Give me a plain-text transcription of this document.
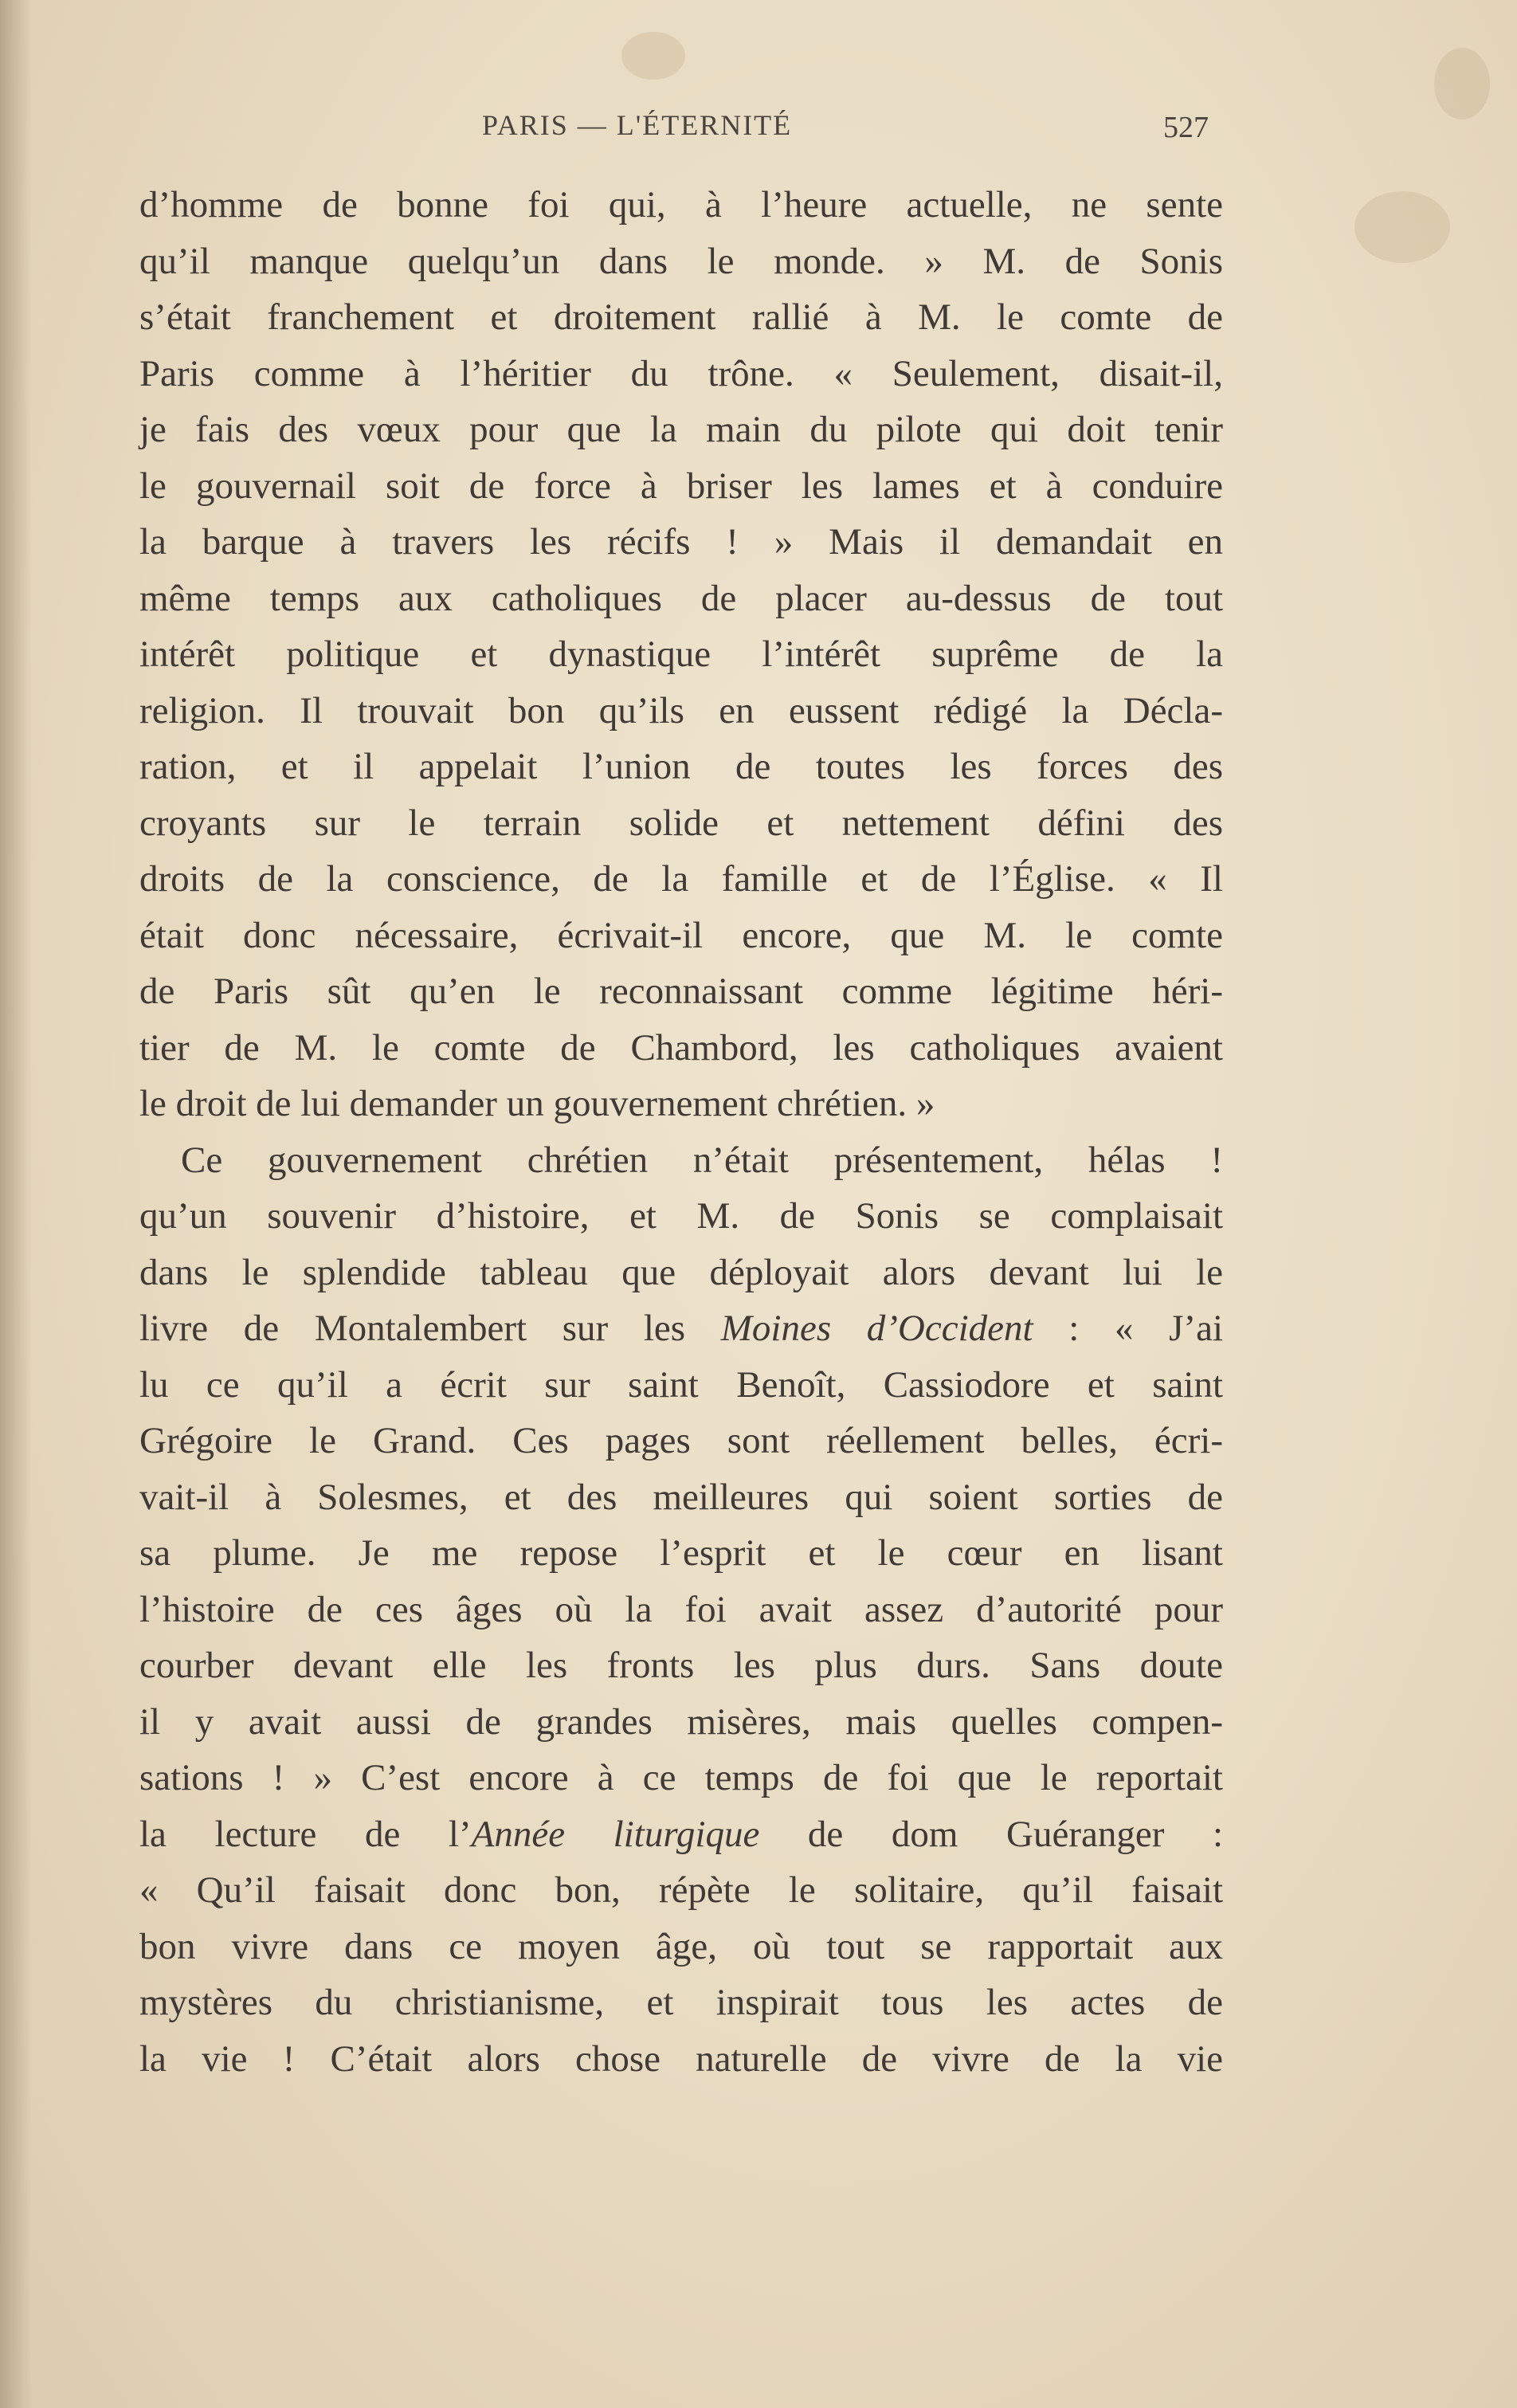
PARIS — L'ÉTERNITÉ	527
d’homme de bonne foi qui, à l’heure actuelle, ne sente
qu’il manque quelqu’un dans le monde. » M. de Sonis
s’était franchement et droitement rallié à M. le comte de
Paris comme à l’héritier du trône. « Seulement, disait-il,
je fais des vœux pour que la main du pilote qui doit tenir
le gouvernail soit de force à briser les lames et à conduire
la barque à travers les récifs ! » Mais il demandait en
même temps aux catholiques de placer au-dessus de tout
intérêt politique et dynastique l’intérêt suprême de la
religion. Il trouvait bon qu’ils en eussent rédigé la Décla-
ration, et il appelait l’union de toutes les forces des
croyants sur le terrain solide et nettement défini des
droits de la conscience, de la famille et de l’Église. « Il
était donc nécessaire, écrivait-il encore, que M. le comte
de Paris sût qu’en le reconnaissant comme légitime héri-
tier de M. le comte de Chambord, les catholiques avaient
le droit de lui demander un gouvernement chrétien. »
Ce gouvernement chrétien n’était présentement, hélas !
qu’un souvenir d’histoire, et M. de Sonis se complaisait
dans le splendide tableau que déployait alors devant lui le
livre de Montalembert sur les Moines d’Occident : « J’ai
lu ce qu’il a écrit sur saint Benoît, Cassiodore et saint
Grégoire le Grand. Ces pages sont réellement belles, écri-
vait-il à Solesmes, et des meilleures qui soient sorties de
sa plume. Je me repose l’esprit et le cœur en lisant
l’histoire de ces âges où la foi avait assez d’autorité pour
courber devant elle les fronts les plus durs. Sans doute
il y avait aussi de grandes misères, mais quelles compen-
sations ! » C’est encore à ce temps de foi que le reportait
la lecture de l’Année liturgique de dom Guéranger :
« Qu’il faisait donc bon, répète le solitaire, qu’il faisait
bon vivre dans ce moyen âge, où tout se rapportait aux
mystères du christianisme, et inspirait tous les actes de
la vie ! C’était alors chose naturelle de vivre de la vie
